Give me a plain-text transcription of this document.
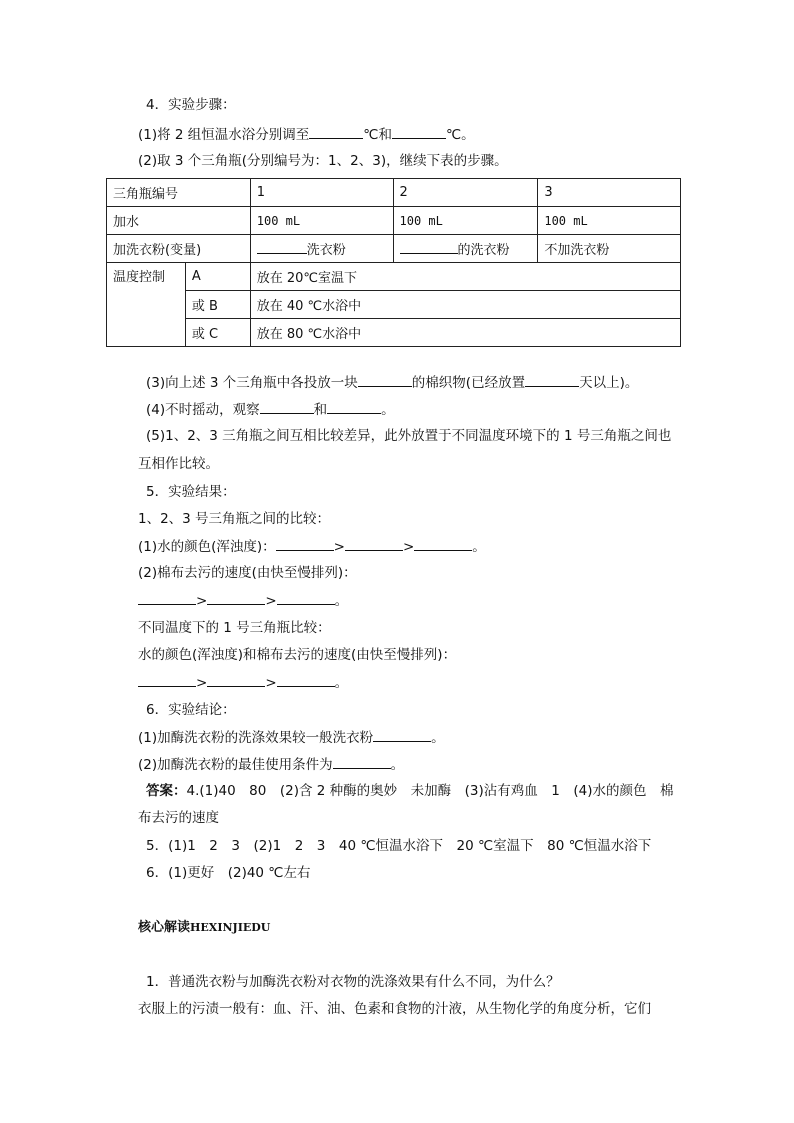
4．实验步骤：
(1)将 2 组恒温水浴分别调至	℃和	℃。
(2)取 3 个三角瓶(分别编号为：1、2、3)，继续下表的步骤。
三角瓶编号		1	2	3
加水		100 mL	100 mL	100 mL
加洗衣粉(变量)		洗衣粉	的洗衣粉	不加洗衣粉
温度控制	A	放在 20℃室温下		
	或 B	放在 40 ℃水浴中		
	或 C	放在 80 ℃水浴中		
(3)向上述 3 个三角瓶中各投放一块	的棉织物(已经放置	天以上)。
(4)不时摇动，观察	和	。
(5)1、2、3 三角瓶之间互相比较差异，此外放置于不同温度环境下的 1 号三角瓶之间也
互相作比较。
5．实验结果：
1、2、3 号三角瓶之间的比较：
(1)水的颜色(浑浊度)：	>	>	。
(2)棉布去污的速度(由快至慢排列)：
>	>	。
不同温度下的 1 号三角瓶比较：
水的颜色(浑浊度)和棉布去污的速度(由快至慢排列)：
>	>	。
6．实验结论：
(1)加酶洗衣粉的洗涤效果较一般洗衣粉	。
(2)加酶洗衣粉的最佳使用条件为	。
答案：4.(1)40　80　(2)含 2 种酶的奥妙　未加酶　(3)沾有鸡血　1　(4)水的颜色　棉
布去污的速度
5．(1)1　2　3　(2)1　2　3　40 ℃恒温水浴下　20 ℃室温下　80 ℃恒温水浴下
6．(1)更好　(2)40 ℃左右
核心解读HEXINJIEDU
1．普通洗衣粉与加酶洗衣粉对衣物的洗涤效果有什么不同，为什么？
衣服上的污渍一般有：血、汗、油、色素和食物的汁液，从生物化学的角度分析，它们
